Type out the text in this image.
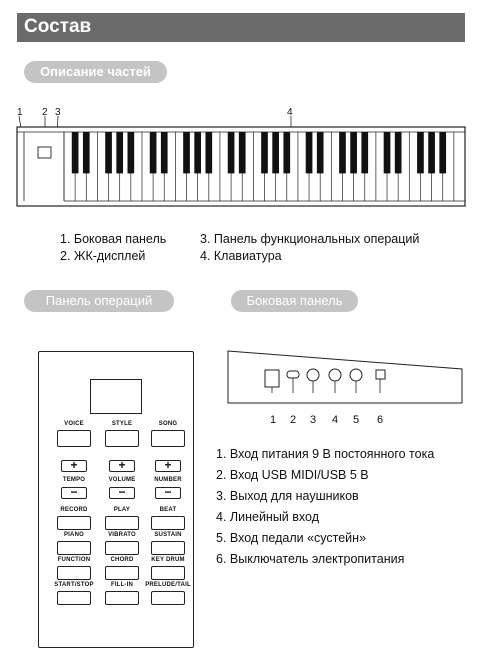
Состав
Описание частей
1 2 3	4
1. Боковая панель
2. ЖК-дисплей
3. Панель функциональных операций
4. Клавиатура
Панель операций	Боковая панель
VOICE	STYLE	SONG
+
TEMPO
−
+
VOLUME
−
+
NUMBER
−
RECORD	PLAY	BEAT
PIANO	VIBRATO	SUSTAIN
FUNCTION	CHORD	KEY DRUM
START/STOP	FILL-IN	PRELUDE/TAIL
1 2 3 4 5 6
1. Вход питания 9 В постоянного тока
2. Вход USB MIDI/USB 5 В
3. Выход для наушников
4. Линейный вход
5. Вход педали «сустейн»
6. Выключатель электропитания
